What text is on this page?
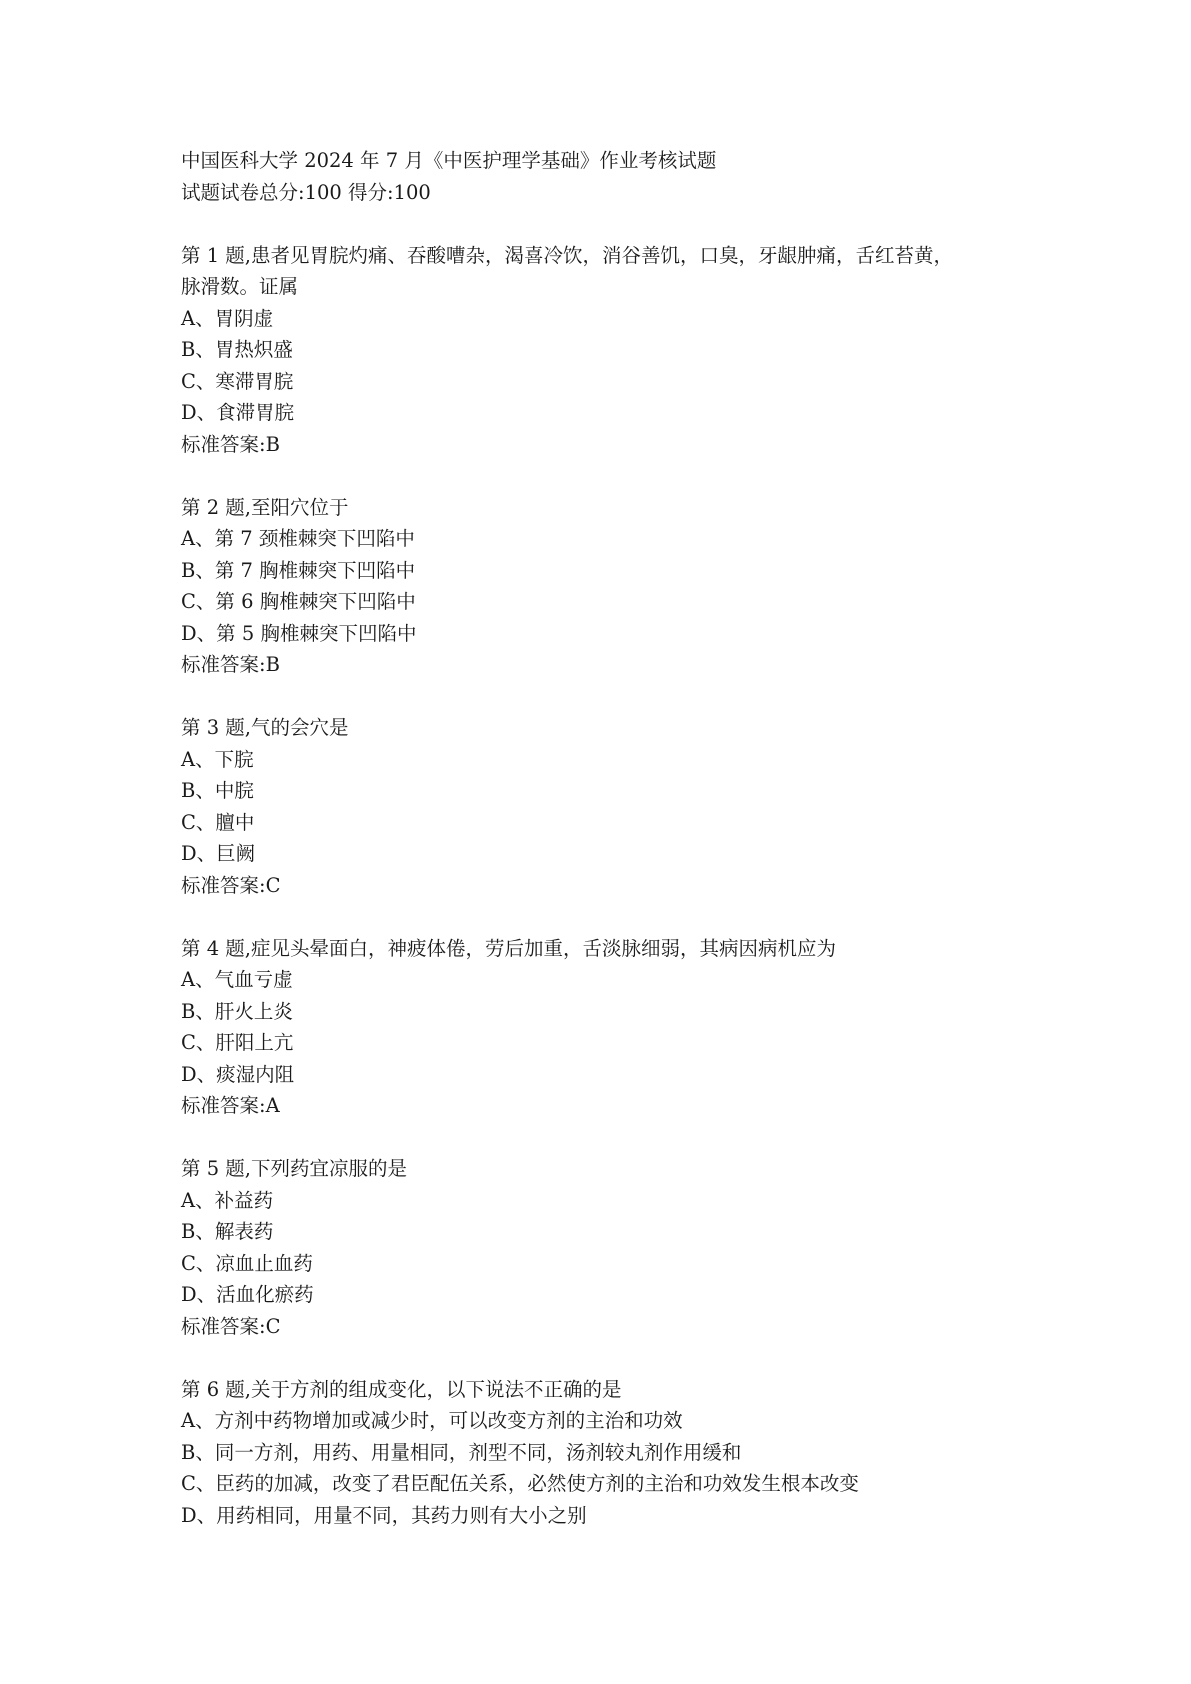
中国医科大学 2024 年 7 月《中医护理学基础》作业考核试题
试题试卷总分:100 得分:100
第 1 题,患者见胃脘灼痛、吞酸嘈杂，渴喜冷饮，消谷善饥，口臭，牙龈肿痛，舌红苔黄，
脉滑数。证属
A、胃阴虚
B、胃热炽盛
C、寒滞胃脘
D、食滞胃脘
标准答案:B
第 2 题,至阳穴位于
A、第 7 颈椎棘突下凹陷中
B、第 7 胸椎棘突下凹陷中
C、第 6 胸椎棘突下凹陷中
D、第 5 胸椎棘突下凹陷中
标准答案:B
第 3 题,气的会穴是
A、下脘
B、中脘
C、膻中
D、巨阙
标准答案:C
第 4 题,症见头晕面白，神疲体倦，劳后加重，舌淡脉细弱，其病因病机应为
A、气血亏虚
B、肝火上炎
C、肝阳上亢
D、痰湿内阻
标准答案:A
第 5 题,下列药宜凉服的是
A、补益药
B、解表药
C、凉血止血药
D、活血化瘀药
标准答案:C
第 6 题,关于方剂的组成变化，以下说法不正确的是
A、方剂中药物增加或减少时，可以改变方剂的主治和功效
B、同一方剂，用药、用量相同，剂型不同，汤剂较丸剂作用缓和
C、臣药的加减，改变了君臣配伍关系，必然使方剂的主治和功效发生根本改变
D、用药相同，用量不同，其药力则有大小之别
